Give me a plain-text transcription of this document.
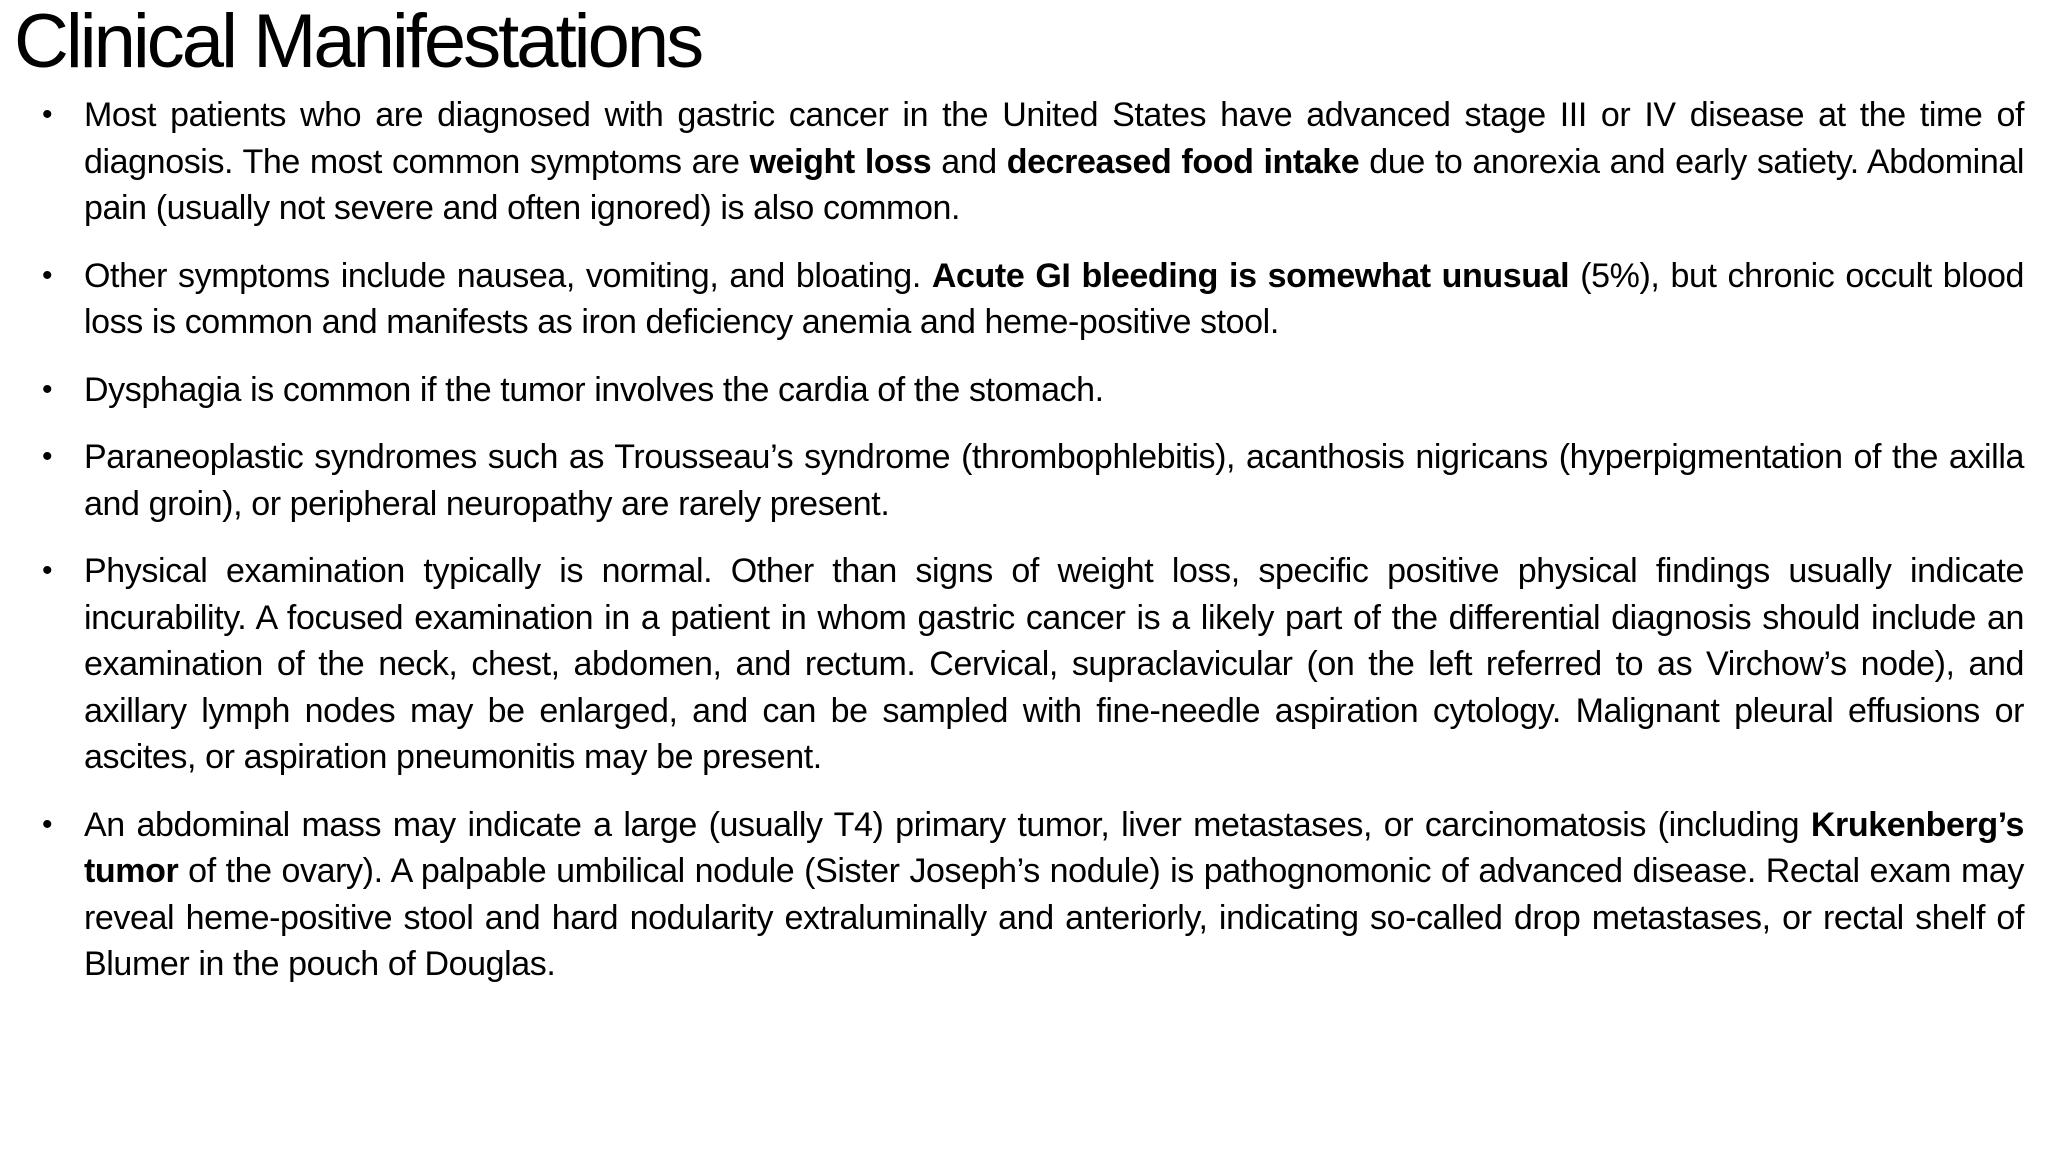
Clinical Manifestations
• Most patients who are diagnosed with gastric cancer in the United States have advanced stage III or IV disease at the time of diagnosis. The most common symptoms are weight loss and decreased food intake due to anorexia and early satiety. Abdominal pain (usually not severe and often ignored) is also common.
• Other symptoms include nausea, vomiting, and bloating. Acute GI bleeding is somewhat unusual (5%), but chronic occult blood loss is common and manifests as iron deficiency anemia and heme-positive stool.
• Dysphagia is common if the tumor involves the cardia of the stomach.
• Paraneoplastic syndromes such as Trousseau’s syndrome (thrombophlebitis), acanthosis nigricans (hyperpigmentation of the axilla and groin), or peripheral neuropathy are rarely present.
• Physical examination typically is normal. Other than signs of weight loss, specific positive physical findings usually indicate incurability. A focused examination in a patient in whom gastric cancer is a likely part of the differential diagnosis should include an examination of the neck, chest, abdomen, and rectum. Cervical, supraclavicular (on the left referred to as Virchow’s node), and axillary lymph nodes may be enlarged, and can be sampled with fine-needle aspiration cytology. Malignant pleural effusions or ascites, or aspiration pneumonitis may be present.
• An abdominal mass may indicate a large (usually T4) primary tumor, liver metastases, or carcinomatosis (including Krukenberg’s tumor of the ovary). A palpable umbilical nodule (Sister Joseph’s nodule) is pathognomonic of advanced disease. Rectal exam may reveal heme-positive stool and hard nodularity extraluminally and anteriorly, indicating so-called drop metastases, or rectal shelf of Blumer in the pouch of Douglas.
